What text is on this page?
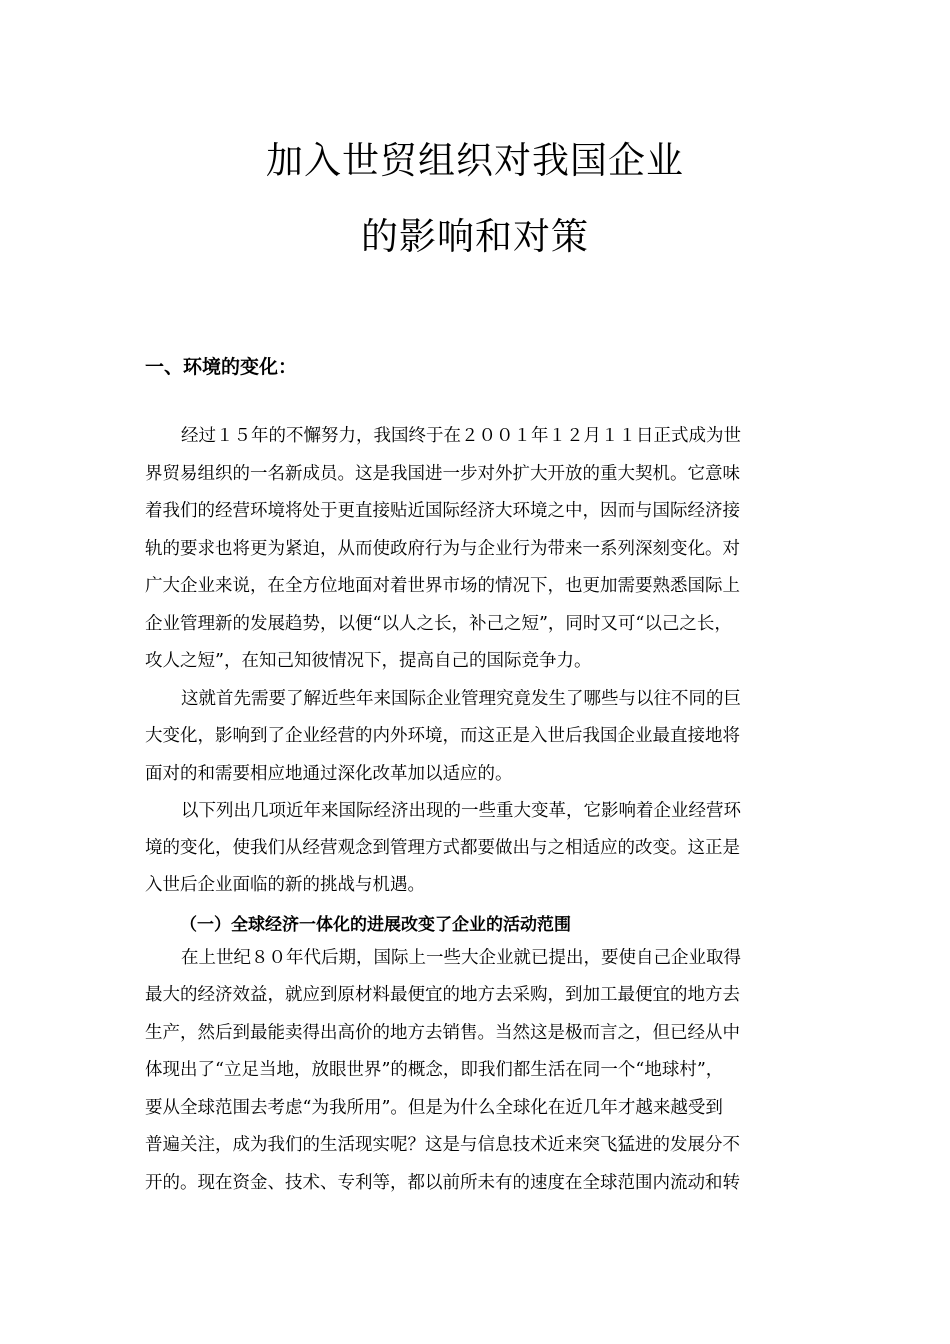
加入世贸组织对我国企业
的影响和对策
一、环境的变化：
经过１５年的不懈努力，我国终于在２００１年１２月１１日正式成为世
界贸易组织的一名新成员。这是我国进一步对外扩大开放的重大契机。它意味
着我们的经营环境将处于更直接贴近国际经济大环境之中，因而与国际经济接
轨的要求也将更为紧迫，从而使政府行为与企业行为带来一系列深刻变化。对
广大企业来说，在全方位地面对着世界市场的情况下，也更加需要熟悉国际上
企业管理新的发展趋势，以便“以人之长，补己之短”，同时又可“以己之长，
攻人之短”，在知己知彼情况下，提高自己的国际竞争力。
这就首先需要了解近些年来国际企业管理究竟发生了哪些与以往不同的巨
大变化，影响到了企业经营的内外环境，而这正是入世后我国企业最直接地将
面对的和需要相应地通过深化改革加以适应的。
以下列出几项近年来国际经济出现的一些重大变革，它影响着企业经营环
境的变化，使我们从经营观念到管理方式都要做出与之相适应的改变。这正是
入世后企业面临的新的挑战与机遇。
（一）全球经济一体化的进展改变了企业的活动范围
在上世纪８０年代后期，国际上一些大企业就已提出，要使自己企业取得
最大的经济效益，就应到原材料最便宜的地方去采购，到加工最便宜的地方去
生产，然后到最能卖得出高价的地方去销售。当然这是极而言之，但已经从中
体现出了“立足当地，放眼世界”的概念，即我们都生活在同一个“地球村”，
要从全球范围去考虑“为我所用”。但是为什么全球化在近几年才越来越受到
普遍关注，成为我们的生活现实呢？这是与信息技术近来突飞猛进的发展分不
开的。现在资金、技术、专利等，都以前所未有的速度在全球范围内流动和转
